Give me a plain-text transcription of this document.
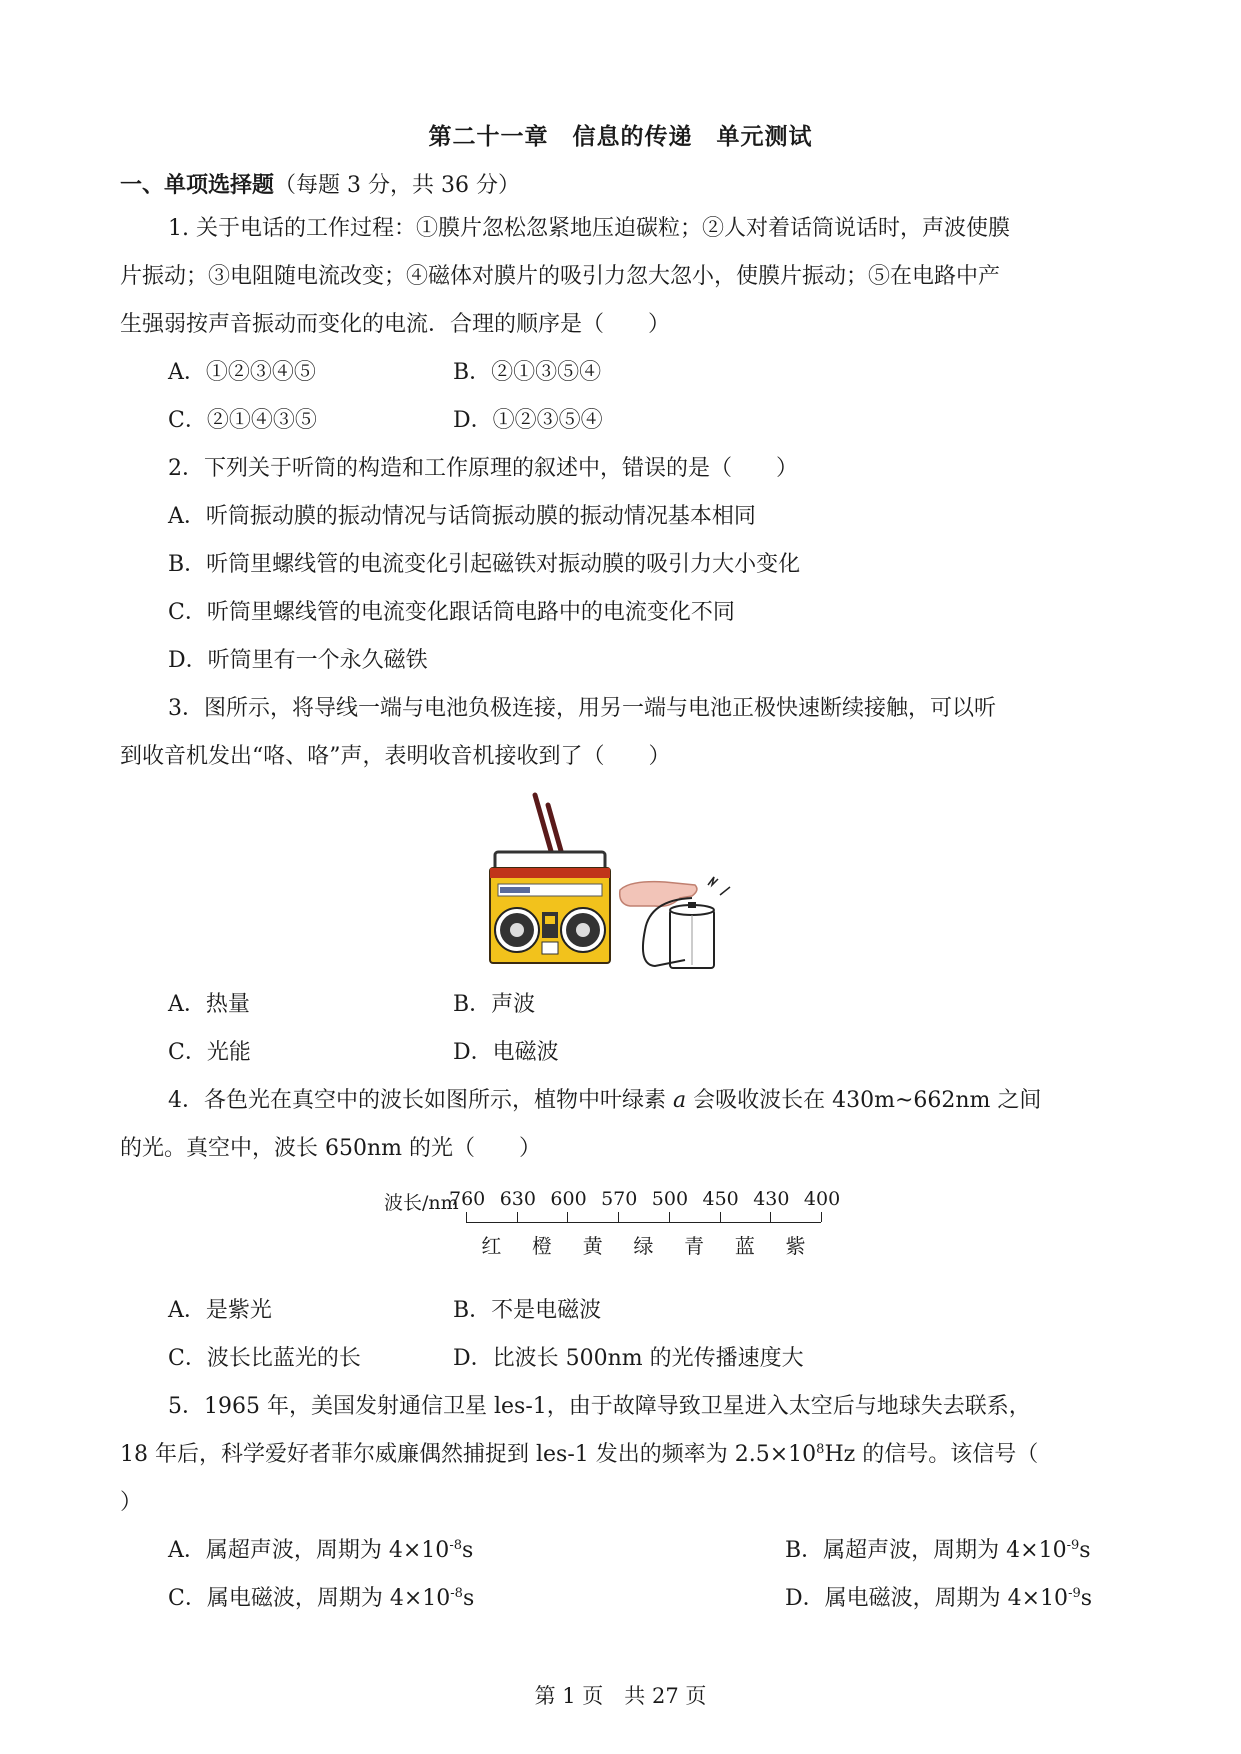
第二十一章　信息的传递　单元测试
一、单项选择题（每题 3 分，共 36 分）
1. 关于电话的工作过程：①膜片忽松忽紧地压迫碳粒；②人对着话筒说话时，声波使膜
片振动；③电阻随电流改变；④磁体对膜片的吸引力忽大忽小，使膜片振动；⑤在电路中产
生强弱按声音振动而变化的电流．合理的顺序是（　　）
A．①②③④⑤	B．②①③⑤④
C．②①④③⑤	D．①②③⑤④
2．下列关于听筒的构造和工作原理的叙述中，错误的是（　　）
A．听筒振动膜的振动情况与话筒振动膜的振动情况基本相同
B．听筒里螺线管的电流变化引起磁铁对振动膜的吸引力大小变化
C．听筒里螺线管的电流变化跟话筒电路中的电流变化不同
D．听筒里有一个永久磁铁
3．图所示，将导线一端与电池负极连接，用另一端与电池正极快速断续接触，可以听
到收音机发出“咯、咯”声，表明收音机接收到了（　　）
A．热量	B．声波
C．光能	D．电磁波
4．各色光在真空中的波长如图所示，植物中叶绿素 a 会吸收波长在 430m~662nm 之间
的光。真空中，波长 650nm 的光（　　）
波长/nm
760 630 600 570 500 450 430 400
红 橙 黄 绿 青 蓝 紫
A．是紫光	B．不是电磁波
C．波长比蓝光的长	D．比波长 500nm 的光传播速度大
5．1965 年，美国发射通信卫星 les-1，由于故障导致卫星进入太空后与地球失去联系，
18 年后，科学爱好者菲尔威廉偶然捕捉到 les-1 发出的频率为 $2.5\times 10^8Hz$ 的信号。该信号（
）
A．属超声波，周期为 $4\times 10^{-8}s$	B．属超声波，周期为 $4\times 10^{-9}s$
C．属电磁波，周期为 $4\times 10^{-8}s$	D．属电磁波，周期为 $4\times 10^{-9}s$
第 1 页　共 27 页
